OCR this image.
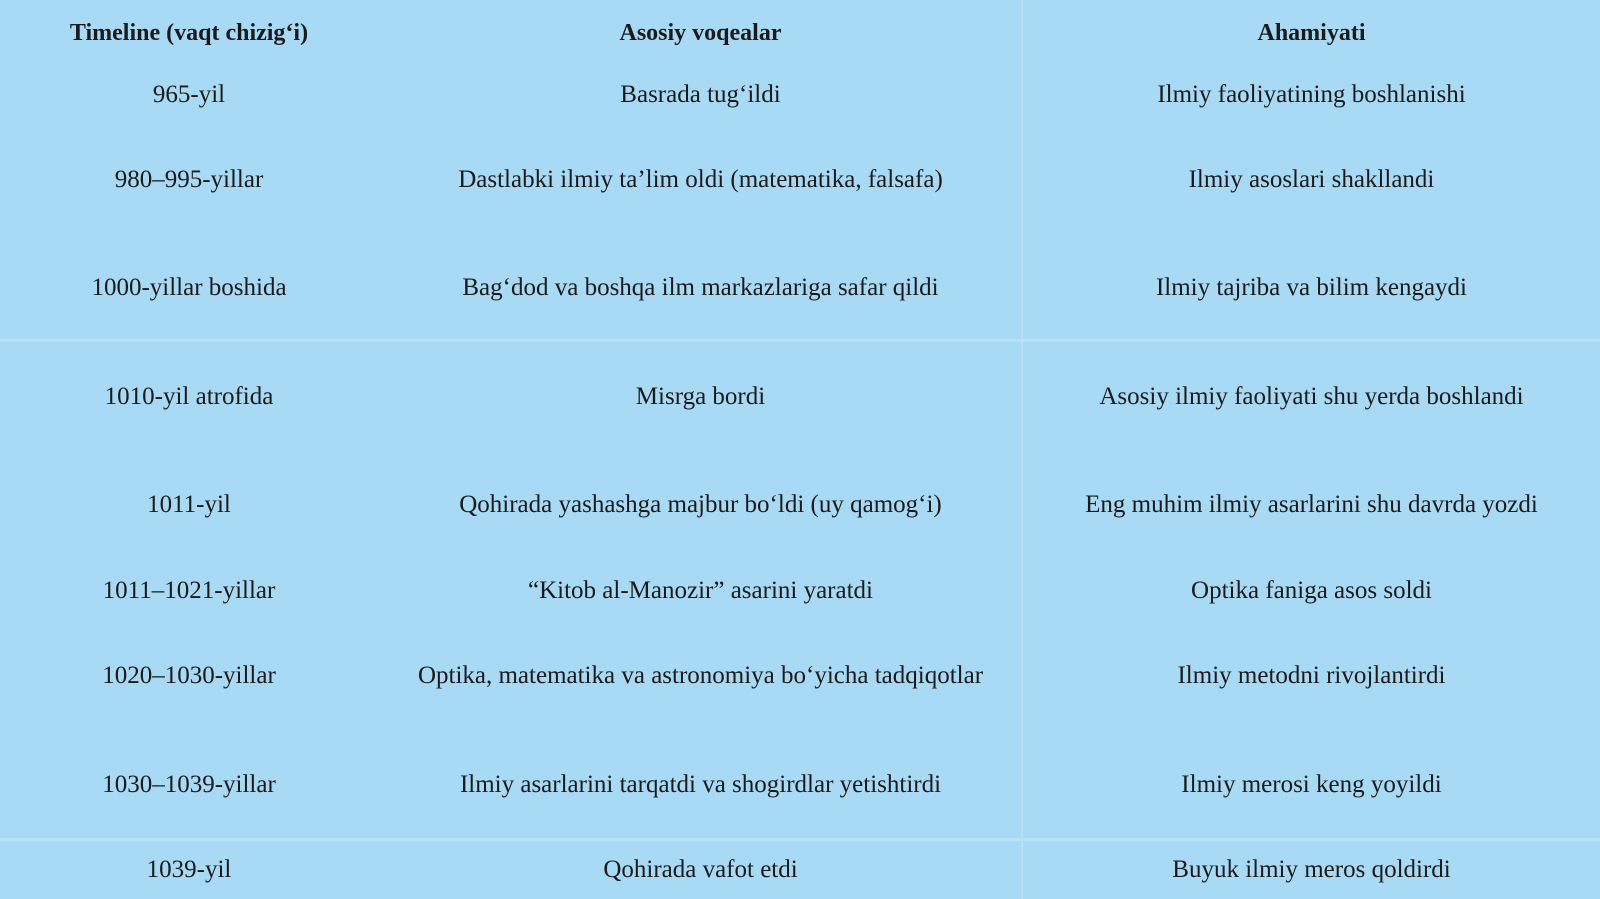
Timeline (vaqt chizig‘i)	Asosiy voqealar	Ahamiyati
965-yil	Basrada tug‘ildi	Ilmiy faoliyatining boshlanishi
980–995-yillar	Dastlabki ilmiy ta’lim oldi (matematika, falsafa)	Ilmiy asoslari shakllandi
1000-yillar boshida	Bag‘dod va boshqa ilm markazlariga safar qildi	Ilmiy tajriba va bilim kengaydi
1010-yil atrofida	Misrga bordi	Asosiy ilmiy faoliyati shu yerda boshlandi
1011-yil	Qohirada yashashga majbur bo‘ldi (uy qamog‘i)	Eng muhim ilmiy asarlarini shu davrda yozdi
1011–1021-yillar	“Kitob al-Manozir” asarini yaratdi	Optika faniga asos soldi
1020–1030-yillar	Optika, matematika va astronomiya bo‘yicha tadqiqotlar	Ilmiy metodni rivojlantirdi
1030–1039-yillar	Ilmiy asarlarini tarqatdi va shogirdlar yetishtirdi	Ilmiy merosi keng yoyildi
1039-yil	Qohirada vafot etdi	Buyuk ilmiy meros qoldirdi
